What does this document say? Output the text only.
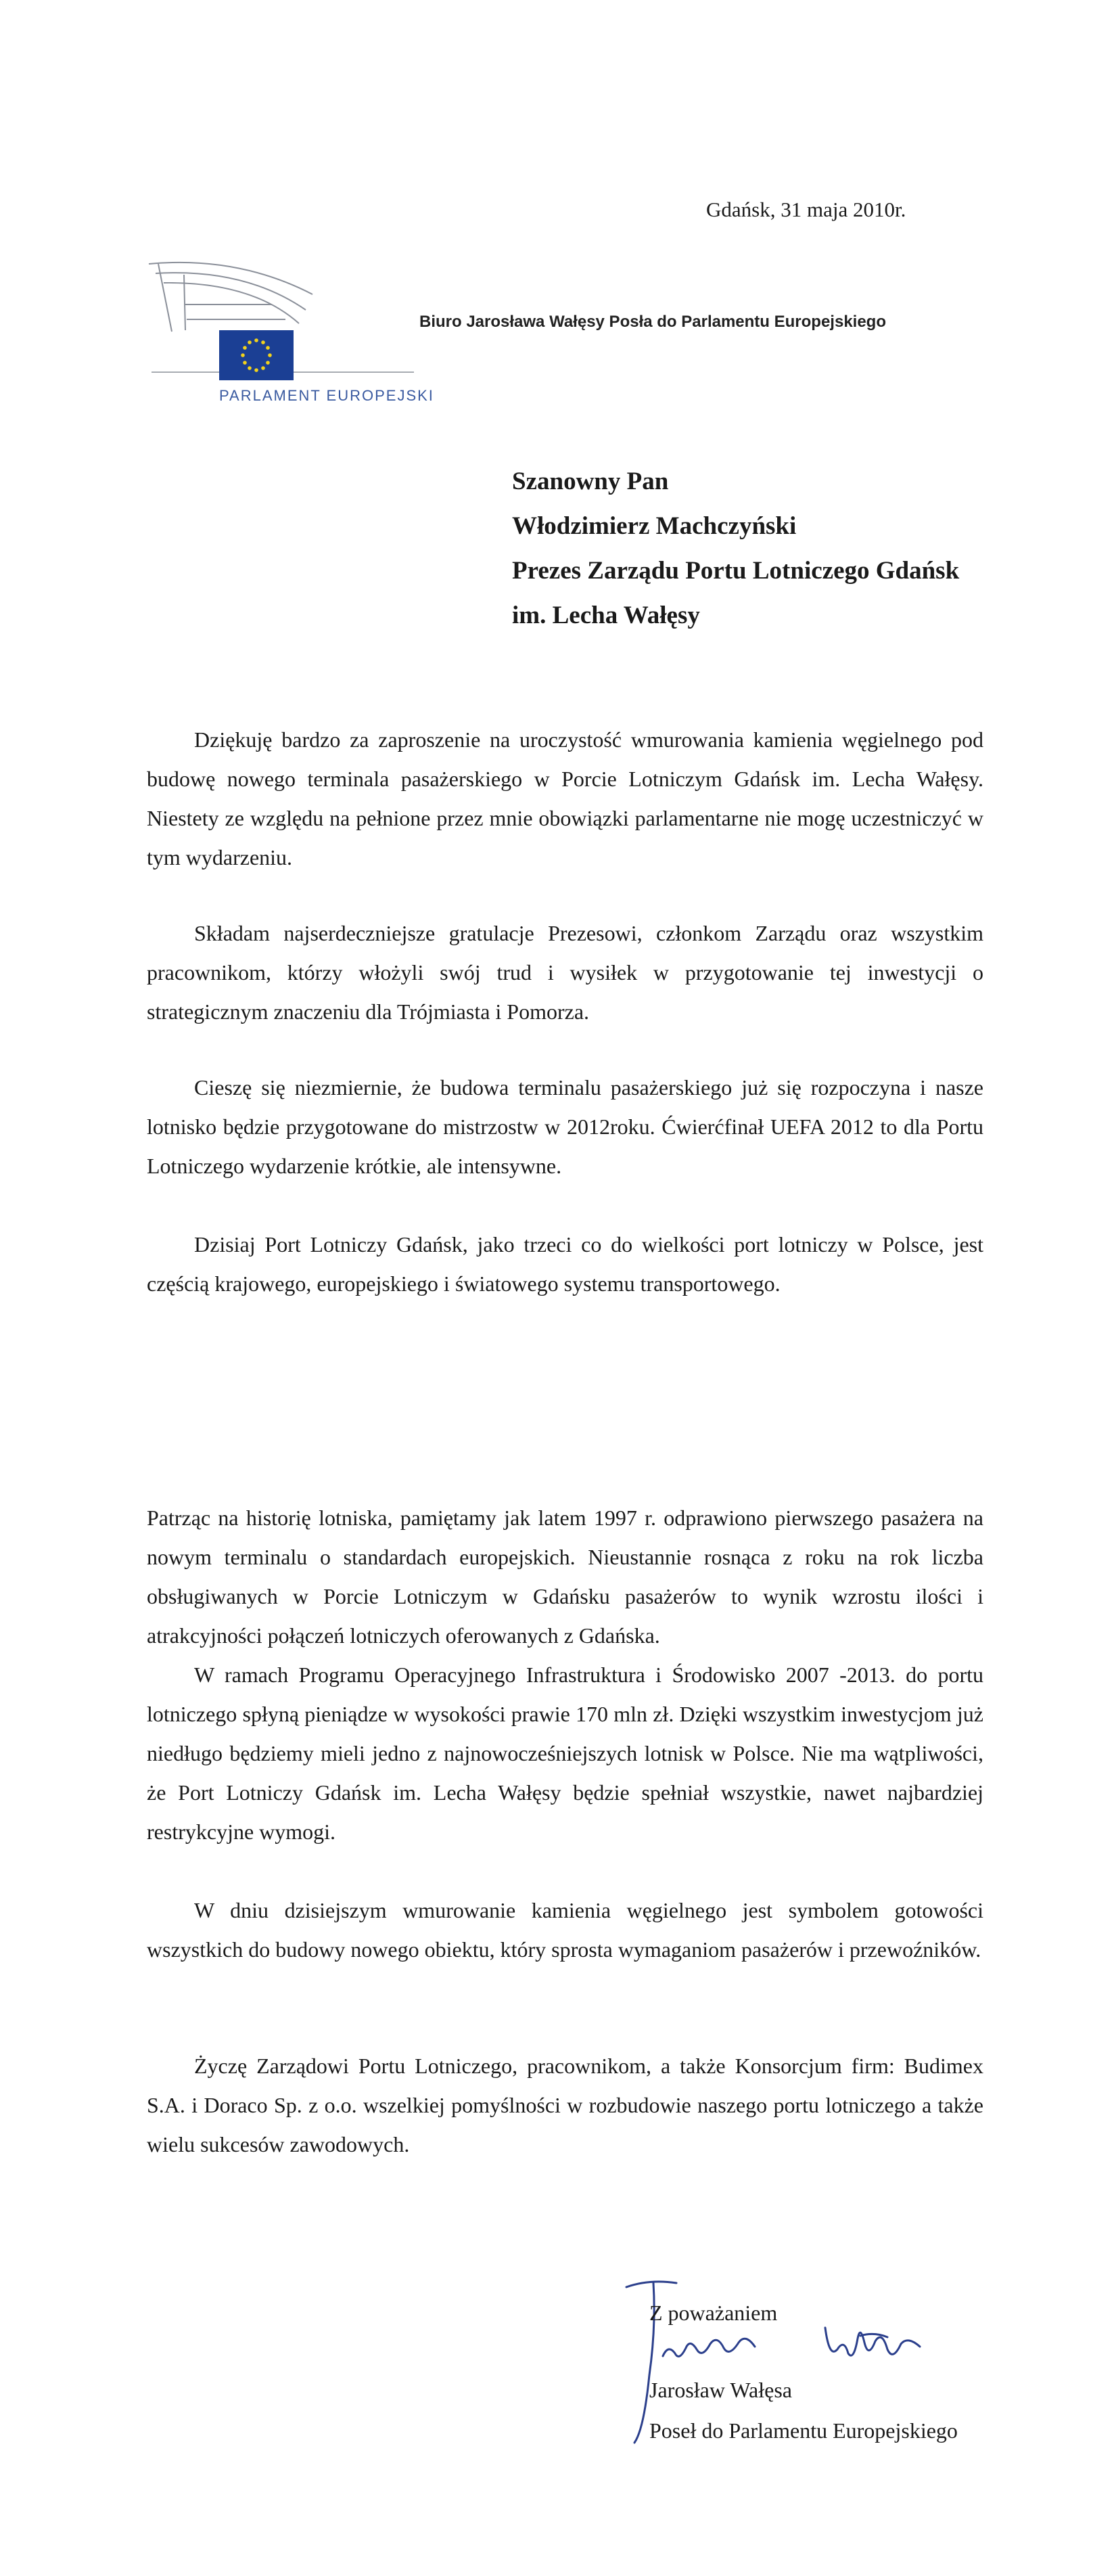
Gdańsk, 31 maja 2010r.
PARLAMENT EUROPEJSKI
Biuro Jarosława Wałęsy Posła do Parlamentu Europejskiego
Szanowny Pan
Włodzimierz Machczyński
Prezes Zarządu Portu Lotniczego Gdańsk
im. Lecha Wałęsy
Dziękuję bardzo za zaproszenie na uroczystość wmurowania kamienia węgielnego pod budowę nowego terminala pasażerskiego w Porcie Lotniczym Gdańsk im. Lecha Wałęsy. Niestety ze względu na pełnione przez mnie obowiązki parlamentarne nie mogę uczestniczyć w tym wydarzeniu.
Składam najserdeczniejsze gratulacje Prezesowi, członkom Zarządu oraz wszystkim pracownikom, którzy włożyli swój trud i wysiłek w przygotowanie tej inwestycji o strategicznym znaczeniu dla Trójmiasta i Pomorza.
Cieszę się niezmiernie, że budowa terminalu pasażerskiego już się rozpoczyna i nasze lotnisko będzie przygotowane do mistrzostw w 2012roku. Ćwierćfinał UEFA 2012 to dla Portu Lotniczego wydarzenie krótkie, ale intensywne.
Dzisiaj Port Lotniczy Gdańsk, jako trzeci co do wielkości port lotniczy w Polsce, jest częścią krajowego, europejskiego i światowego systemu transportowego.
Patrząc na historię lotniska, pamiętamy jak latem 1997 r. odprawiono pierwszego pasażera na nowym terminalu o standardach europejskich. Nieustannie rosnąca z roku na rok liczba obsługiwanych w Porcie Lotniczym w Gdańsku pasażerów to wynik wzrostu ilości i atrakcyjności połączeń lotniczych oferowanych z Gdańska.
W ramach Programu Operacyjnego Infrastruktura i Środowisko 2007 -2013. do portu lotniczego spłyną pieniądze w wysokości prawie 170 mln zł. Dzięki wszystkim inwestycjom już niedługo będziemy mieli jedno z najnowocześniejszych lotnisk w Polsce. Nie ma wątpliwości, że Port Lotniczy Gdańsk im. Lecha Wałęsy będzie spełniał wszystkie, nawet najbardziej restrykcyjne wymogi.
W dniu dzisiejszym wmurowanie kamienia węgielnego jest symbolem gotowości wszystkich do budowy nowego obiektu, który sprosta wymaganiom pasażerów i przewoźników.
Życzę Zarządowi Portu Lotniczego, pracownikom, a także Konsorcjum firm: Budimex S.A. i Doraco Sp. z o.o. wszelkiej pomyślności w rozbudowie naszego portu lotniczego a także wielu sukcesów zawodowych.
Z poważaniem
Jarosław Wałęsa
Poseł do Parlamentu Europejskiego
